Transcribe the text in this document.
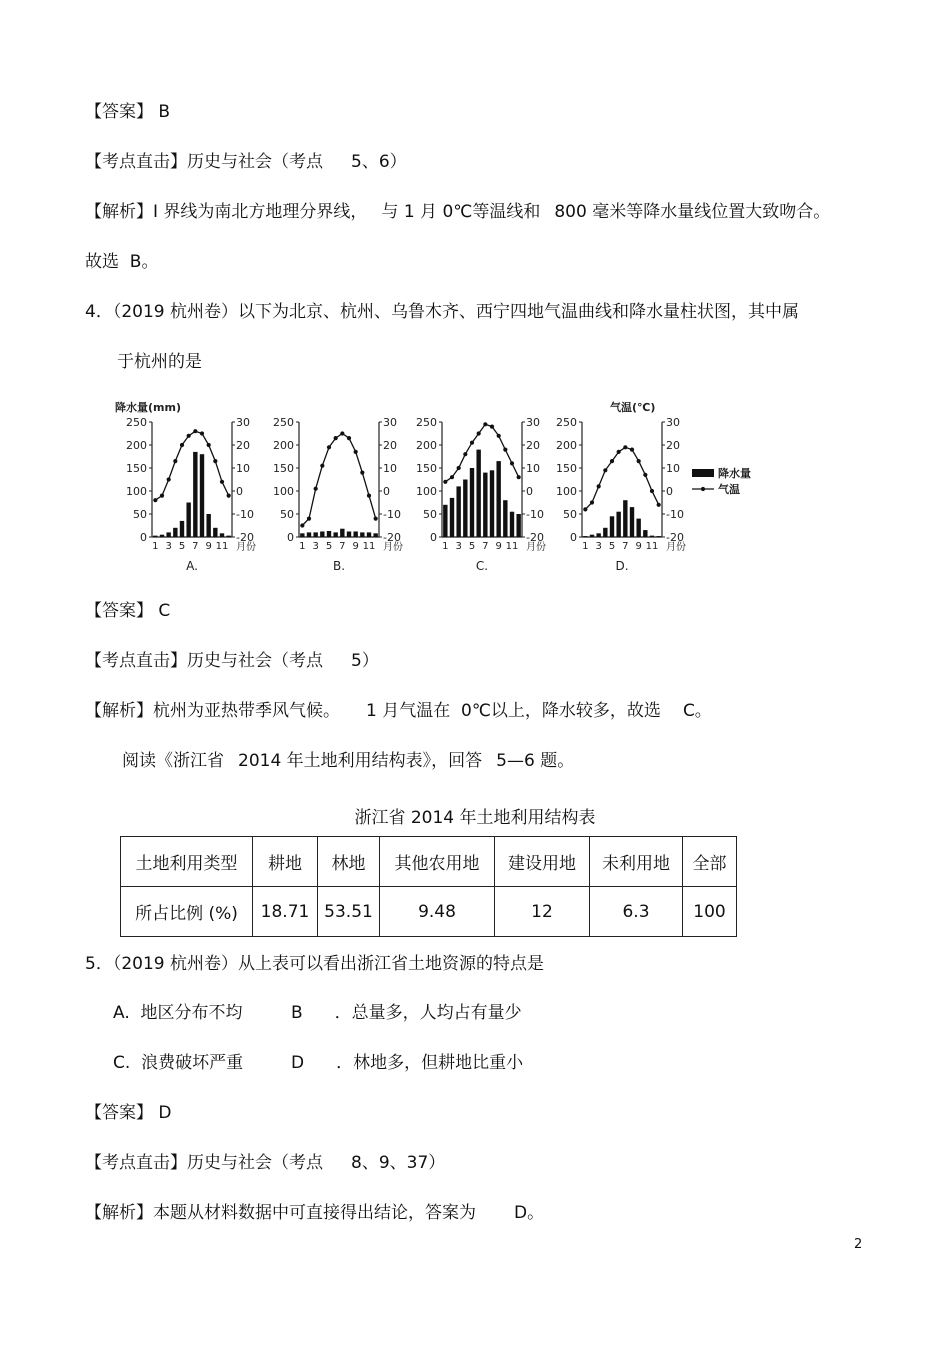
【答案】 B
【考点直击】历史与社会（考点 5、6）
【解析】Ⅰ 界线为南北方地理分界线， 与 1 月 0℃等温线和 800 毫米等降水量线位置大致吻合。
故选  B。
4．（2019 杭州卷）以下为北京、杭州、乌鲁木齐、西宁四地气温曲线和降水量柱状图，其中属
于杭州的是
250
200
150
100
50
0
30
20
10
0
-10
-20
1 3 5 7 9 11 月份
A.
250
200
150
100
50
0
30
20
10
0
-10
-20
1 3 5 7 9 11 月份
B.
250
200
150
100
50
0
30
20
10
0
-10
-20
1 3 5 7 9 11 月份
C.
250
200
150
100
50
0
30
20
10
0
-10
-20
1 3 5 7 9 11 月份
D.
降水量(mm)	气温(℃)
降水量
气温
【答案】 C
【考点直击】历史与社会（考点 5）
【解析】杭州为亚热带季风气候。 1 月气温在  0℃以上，降水较多，故选 C。
阅读《浙江省 2014 年土地利用结构表》，回答 5—6 题。
浙江省 2014 年土地利用结构表
土地利用类型	耕地	林地	其他农用地	建设用地	未利用地	全部
所占比例 (%)	18.71	53.51	9.48	12	6.3	100
5．（2019 杭州卷）从上表可以看出浙江省土地资源的特点是
A.  地区分布不均	B ．总量多，人均占有量少
C.  浪费破坏严重	D ．林地多，但耕地比重小
【答案】 D
【考点直击】历史与社会（考点 8、9、37）
【解析】本题从材料数据中可直接得出结论，答案为 D。
2
